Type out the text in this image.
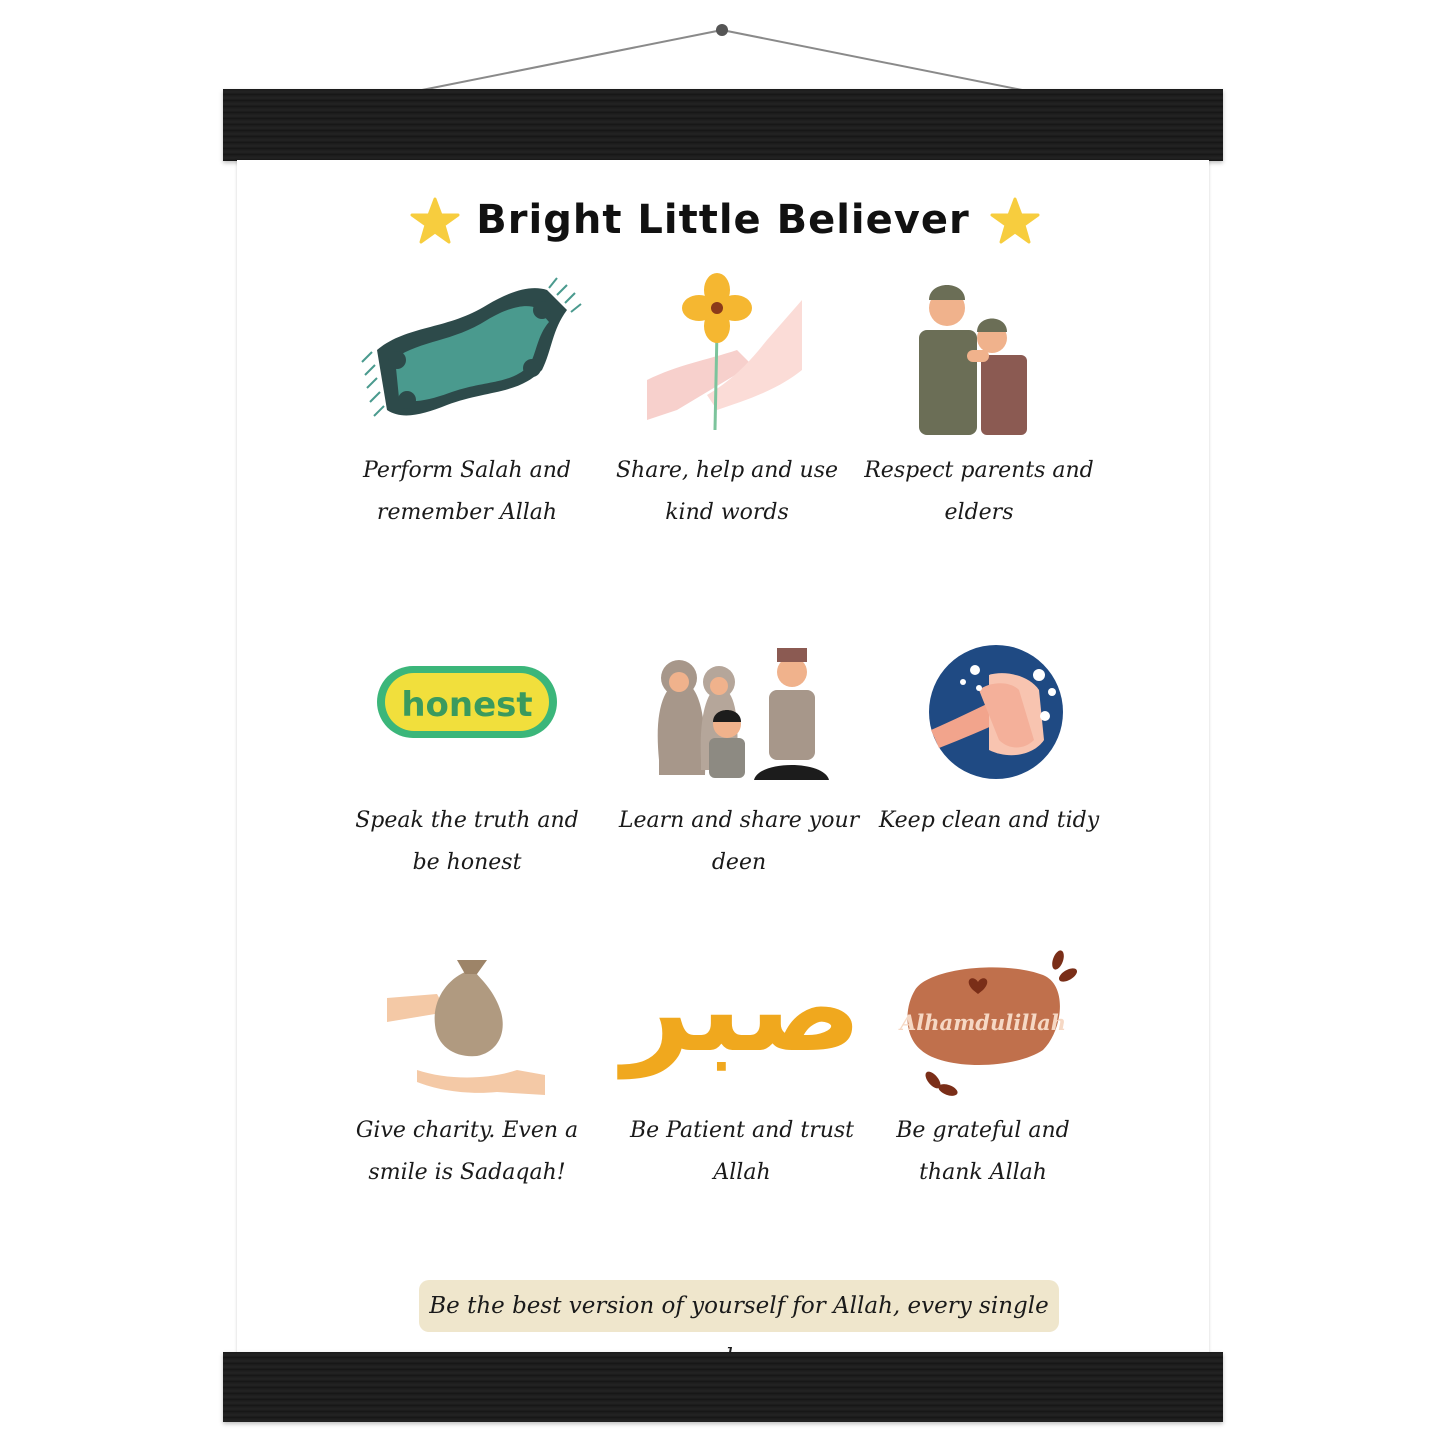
Bright Little Believer
Perform Salah and
remember Allah
Share, help and use
kind words
Respect parents and
elders
honest
Speak the truth and
be honest
Learn and share your
deen
Keep clean and tidy
Give charity. Even a
smile is Sadaqah!
صبر
Be Patient and trust
Allah
Alhamdulillah
Be grateful and
thank Allah
Be the best version of yourself for Allah, every single
